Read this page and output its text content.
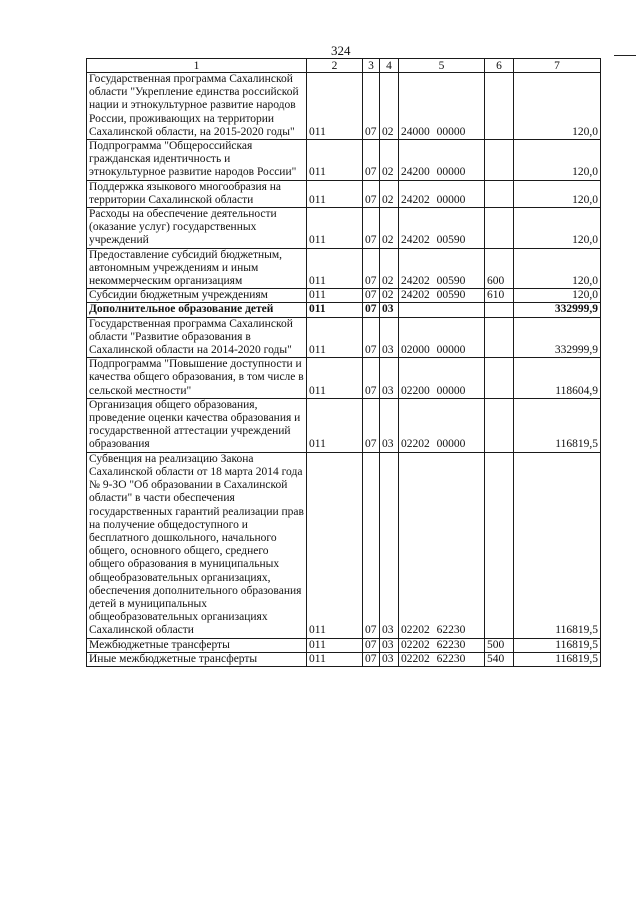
324
1	2	3	4	5	6	7
Государственная программа Сахалинской области "Укрепление единства российской нации и этнокультурное развитие народов России, проживающих на территории Сахалинской области, на 2015-2020 годы"	011	07	02	24000 00000		120,0
Подпрограмма "Общероссийская гражданская идентичность и этнокультурное развитие народов России"	011	07	02	24200 00000		120,0
Поддержка языкового многообразия на территории Сахалинской области	011	07	02	24202 00000		120,0
Расходы на обеспечение деятельности (оказание услуг) государственных учреждений	011	07	02	24202 00590		120,0
Предоставление субсидий бюджетным, автономным учреждениям и иным некоммерческим организациям	011	07	02	24202 00590	600	120,0
Субсидии бюджетным учреждениям	011	07	02	24202 00590	610	120,0
Дополнительное образование детей	011	07	03			332999,9
Государственная программа Сахалинской области "Развитие образования в Сахалинской области на 2014-2020 годы"	011	07	03	02000 00000		332999,9
Подпрограмма "Повышение доступности и качества общего образования, в том числе в сельской местности"	011	07	03	02200 00000		118604,9
Организация общего образования, проведение оценки качества образования и государственной аттестации учреждений образования	011	07	03	02202 00000		116819,5
Субвенция на реализацию Закона Сахалинской области от 18 марта 2014 года № 9-ЗО "Об образовании в Сахалинской области" в части обеспечения государственных гарантий реализации прав на получение общедоступного и бесплатного дошкольного, начального общего, основного общего, среднего общего образования в муниципальных общеобразовательных организациях, обеспечения дополнительного образования детей в муниципальных общеобразовательных организациях Сахалинской области	011	07	03	02202 62230		116819,5
Межбюджетные трансферты	011	07	03	02202 62230	500	116819,5
Иные межбюджетные трансферты	011	07	03	02202 62230	540	116819,5
